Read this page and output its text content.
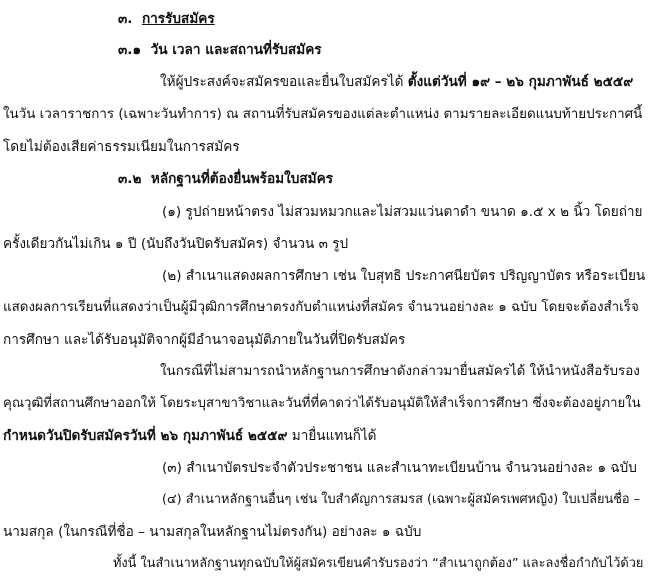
๓. การรับสมัคร
๓.๑ วัน เวลา และสถานที่รับสมัคร
ให้ผู้ประสงค์จะสมัครขอและยื่นใบสมัครได้ ตั้งแต่วันที่ ๑๙ – ๒๖ กุมภาพันธ์ ๒๕๕๙
ในวัน เวลาราชการ (เฉพาะวันทำการ) ณ สถานที่รับสมัครของแต่ละตำแหน่ง ตามรายละเอียดแนบท้ายประกาศนี้
โดยไม่ต้องเสียค่าธรรมเนียมในการสมัคร
๓.๒ หลักฐานที่ต้องยื่นพร้อมใบสมัคร
(๑) รูปถ่ายหน้าตรง ไม่สวมหมวกและไม่สวมแว่นตาดำ ขนาด ๑.๕ x ๒ นิ้ว โดยถ่าย
ครั้งเดียวกันไม่เกิน ๑ ปี (นับถึงวันปิดรับสมัคร) จำนวน ๓ รูป
(๒) สำเนาแสดงผลการศึกษา เช่น ใบสุทธิ ประกาศนียบัตร ปริญญาบัตร หรือระเบียน
แสดงผลการเรียนที่แสดงว่าเป็นผู้มีวุฒิการศึกษาตรงกับตำแหน่งที่สมัคร จำนวนอย่างละ ๑ ฉบับ โดยจะต้องสำเร็จ
การศึกษา และได้รับอนุมัติจากผู้มีอำนาจอนุมัติภายในวันที่ปิดรับสมัคร
ในกรณีที่ไม่สามารถนำหลักฐานการศึกษาดังกล่าวมายื่นสมัครได้ ให้นำหนังสือรับรอง
คุณวุฒิที่สถานศึกษาออกให้ โดยระบุสาขาวิชาและวันที่ที่คาดว่าได้รับอนุมัติให้สำเร็จการศึกษา ซึ่งจะต้องอยู่ภายใน
กำหนดวันปิดรับสมัครวันที่ ๒๖ กุมภาพันธ์ ๒๕๕๙ มายื่นแทนก็ได้
(๓) สำเนาบัตรประจำตัวประชาชน และสำเนาทะเบียนบ้าน จำนวนอย่างละ ๑ ฉบับ
(๔) สำเนาหลักฐานอื่นๆ เช่น ใบสำคัญการสมรส (เฉพาะผู้สมัครเพศหญิง) ใบเปลี่ยนชื่อ –
นามสกุล (ในกรณีที่ชื่อ – นามสกุลในหลักฐานไม่ตรงกัน) อย่างละ ๑ ฉบับ
ทั้งนี้ ในสำเนาหลักฐานทุกฉบับให้ผู้สมัครเขียนคำรับรองว่า “สำเนาถูกต้อง” และลงชื่อกำกับไว้ด้วย
